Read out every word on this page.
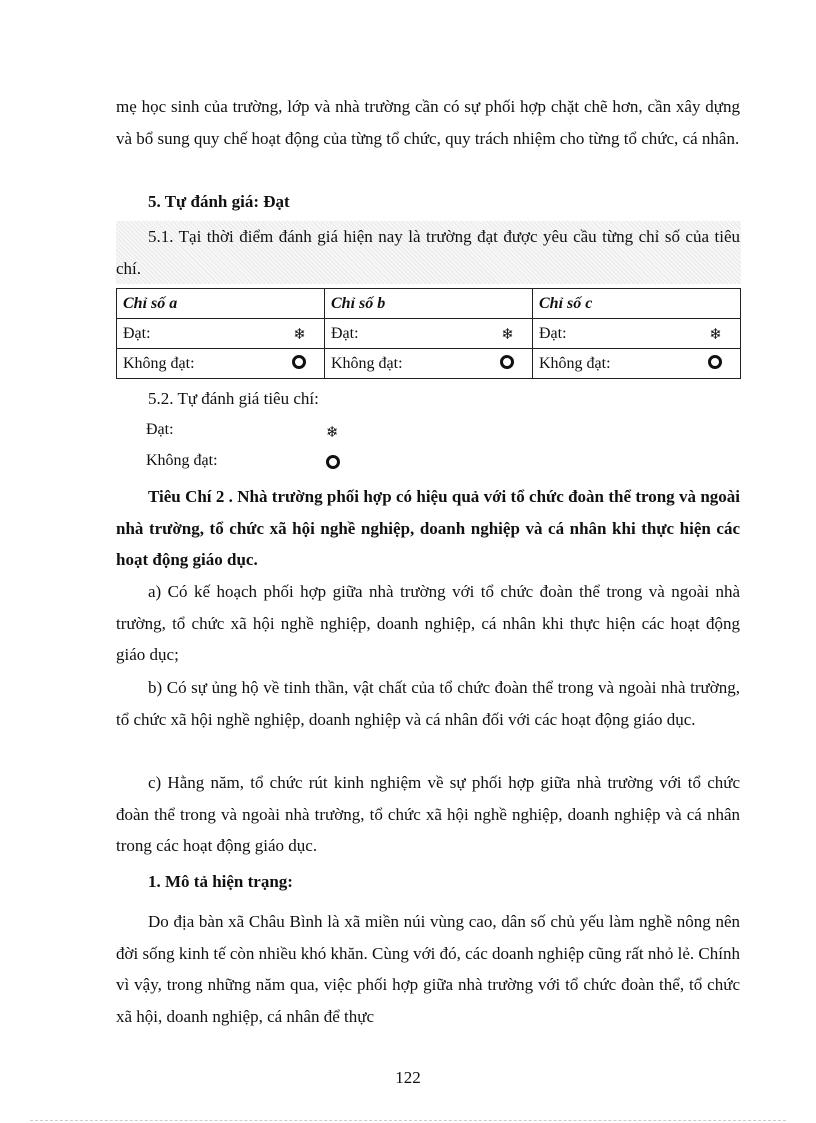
mẹ học sinh của trường, lớp và nhà trường cần có sự phối hợp chặt chẽ hơn, cần xây dựng và bổ sung quy chế hoạt động của từng tổ chức, quy trách nhiệm cho từng tổ chức, cá nhân.

5. Tự đánh giá: Đạt

5.1. Tại thời điểm đánh giá hiện nay là trường đạt được yêu cầu từng chỉ số của tiêu chí.

Chỉ số a	Chỉ số b	Chỉ số c
Đạt: ❄	Đạt: ❄	Đạt: ❄

Không đạt:	Không đạt:	Không đạt:

5.2. Tự đánh giá tiêu chí:

Đạt:	❄
Không đạt:

Tiêu Chí 2 . Nhà trường phối hợp có hiệu quả với tổ chức đoàn thể trong và ngoài nhà trường, tổ chức xã hội nghề nghiệp, doanh nghiệp và cá nhân khi thực hiện các hoạt động giáo dục.

a) Có kế hoạch phối hợp giữa nhà trường với tổ chức đoàn thể trong và ngoài nhà trường, tổ chức xã hội nghề nghiệp, doanh nghiệp, cá nhân khi thực hiện các hoạt động giáo dục;

b) Có sự ủng hộ về tinh thần, vật chất của tổ chức đoàn thể trong và ngoài nhà trường, tổ chức xã hội nghề nghiệp, doanh nghiệp và cá nhân đối với các hoạt động giáo dục.

c) Hằng năm, tổ chức rút kinh nghiệm về sự phối hợp giữa nhà trường với tổ chức đoàn thể trong và ngoài nhà trường, tổ chức xã hội nghề nghiệp, doanh nghiệp và cá nhân trong các hoạt động giáo dục.

1. Mô tả hiện trạng:

Do địa bàn xã Châu Bình là xã miền núi vùng cao, dân số chủ yếu làm nghề nông nên đời sống kinh tế còn nhiều khó khăn. Cùng với đó, các doanh nghiệp cũng rất nhỏ lẻ. Chính vì vậy, trong những năm qua, việc phối hợp giữa nhà trường với tổ chức đoàn thể, tổ chức xã hội, doanh nghiệp, cá nhân để thực

122
